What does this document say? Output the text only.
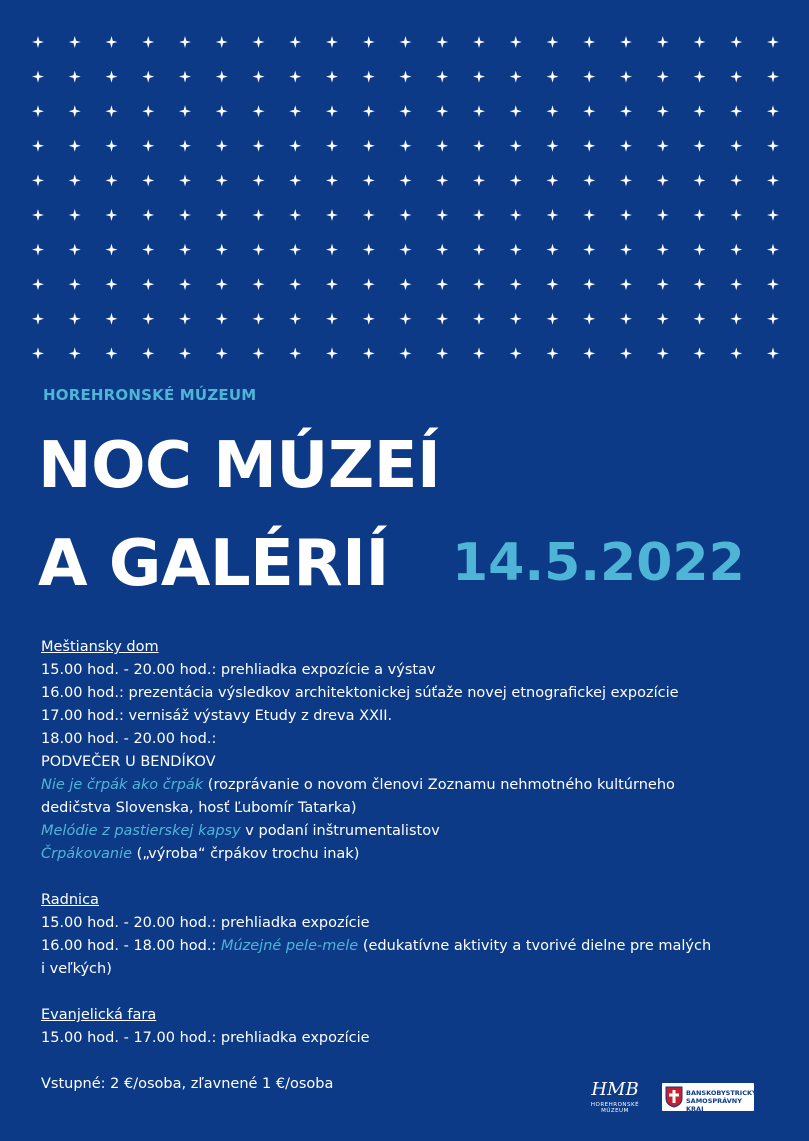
HOREHRONSKÉ MÚZEUM
NOC MÚZEÍ
A GALÉRIÍ 14.5.2022
Meštiansky dom
15.00 hod. - 20.00 hod.: prehliadka expozície a výstav
16.00 hod.: prezentácia výsledkov architektonickej súťaže novej etnografickej expozície
17.00 hod.: vernisáž výstavy Etudy z dreva XXII.
18.00 hod. - 20.00 hod.:
PODVEČER U BENDÍKOV
Nie je črpák ako črpák (rozprávanie o novom členovi Zoznamu nehmotného kultúrneho
dedičstva Slovenska, hosť Ľubomír Tatarka)
Melódie z pastierskej kapsy v podaní inštrumentalistov
Črpákovanie („výroba“ črpákov trochu inak)
Radnica
15.00 hod. - 20.00 hod.: prehliadka expozície
16.00 hod. - 18.00 hod.: Múzejné pele-mele (edukatívne aktivity a tvorivé dielne pre malých
i veľkých)
Evanjelická fara
15.00 hod. - 17.00 hod.: prehliadka expozície
Vstupné: 2 €/osoba, zľavnené 1 €/osoba	HMB
HOREHRONSKÉ MÚZEUM
BANSKOBYSTRICKÝ
SAMOSPRÁVNY KRAJ
